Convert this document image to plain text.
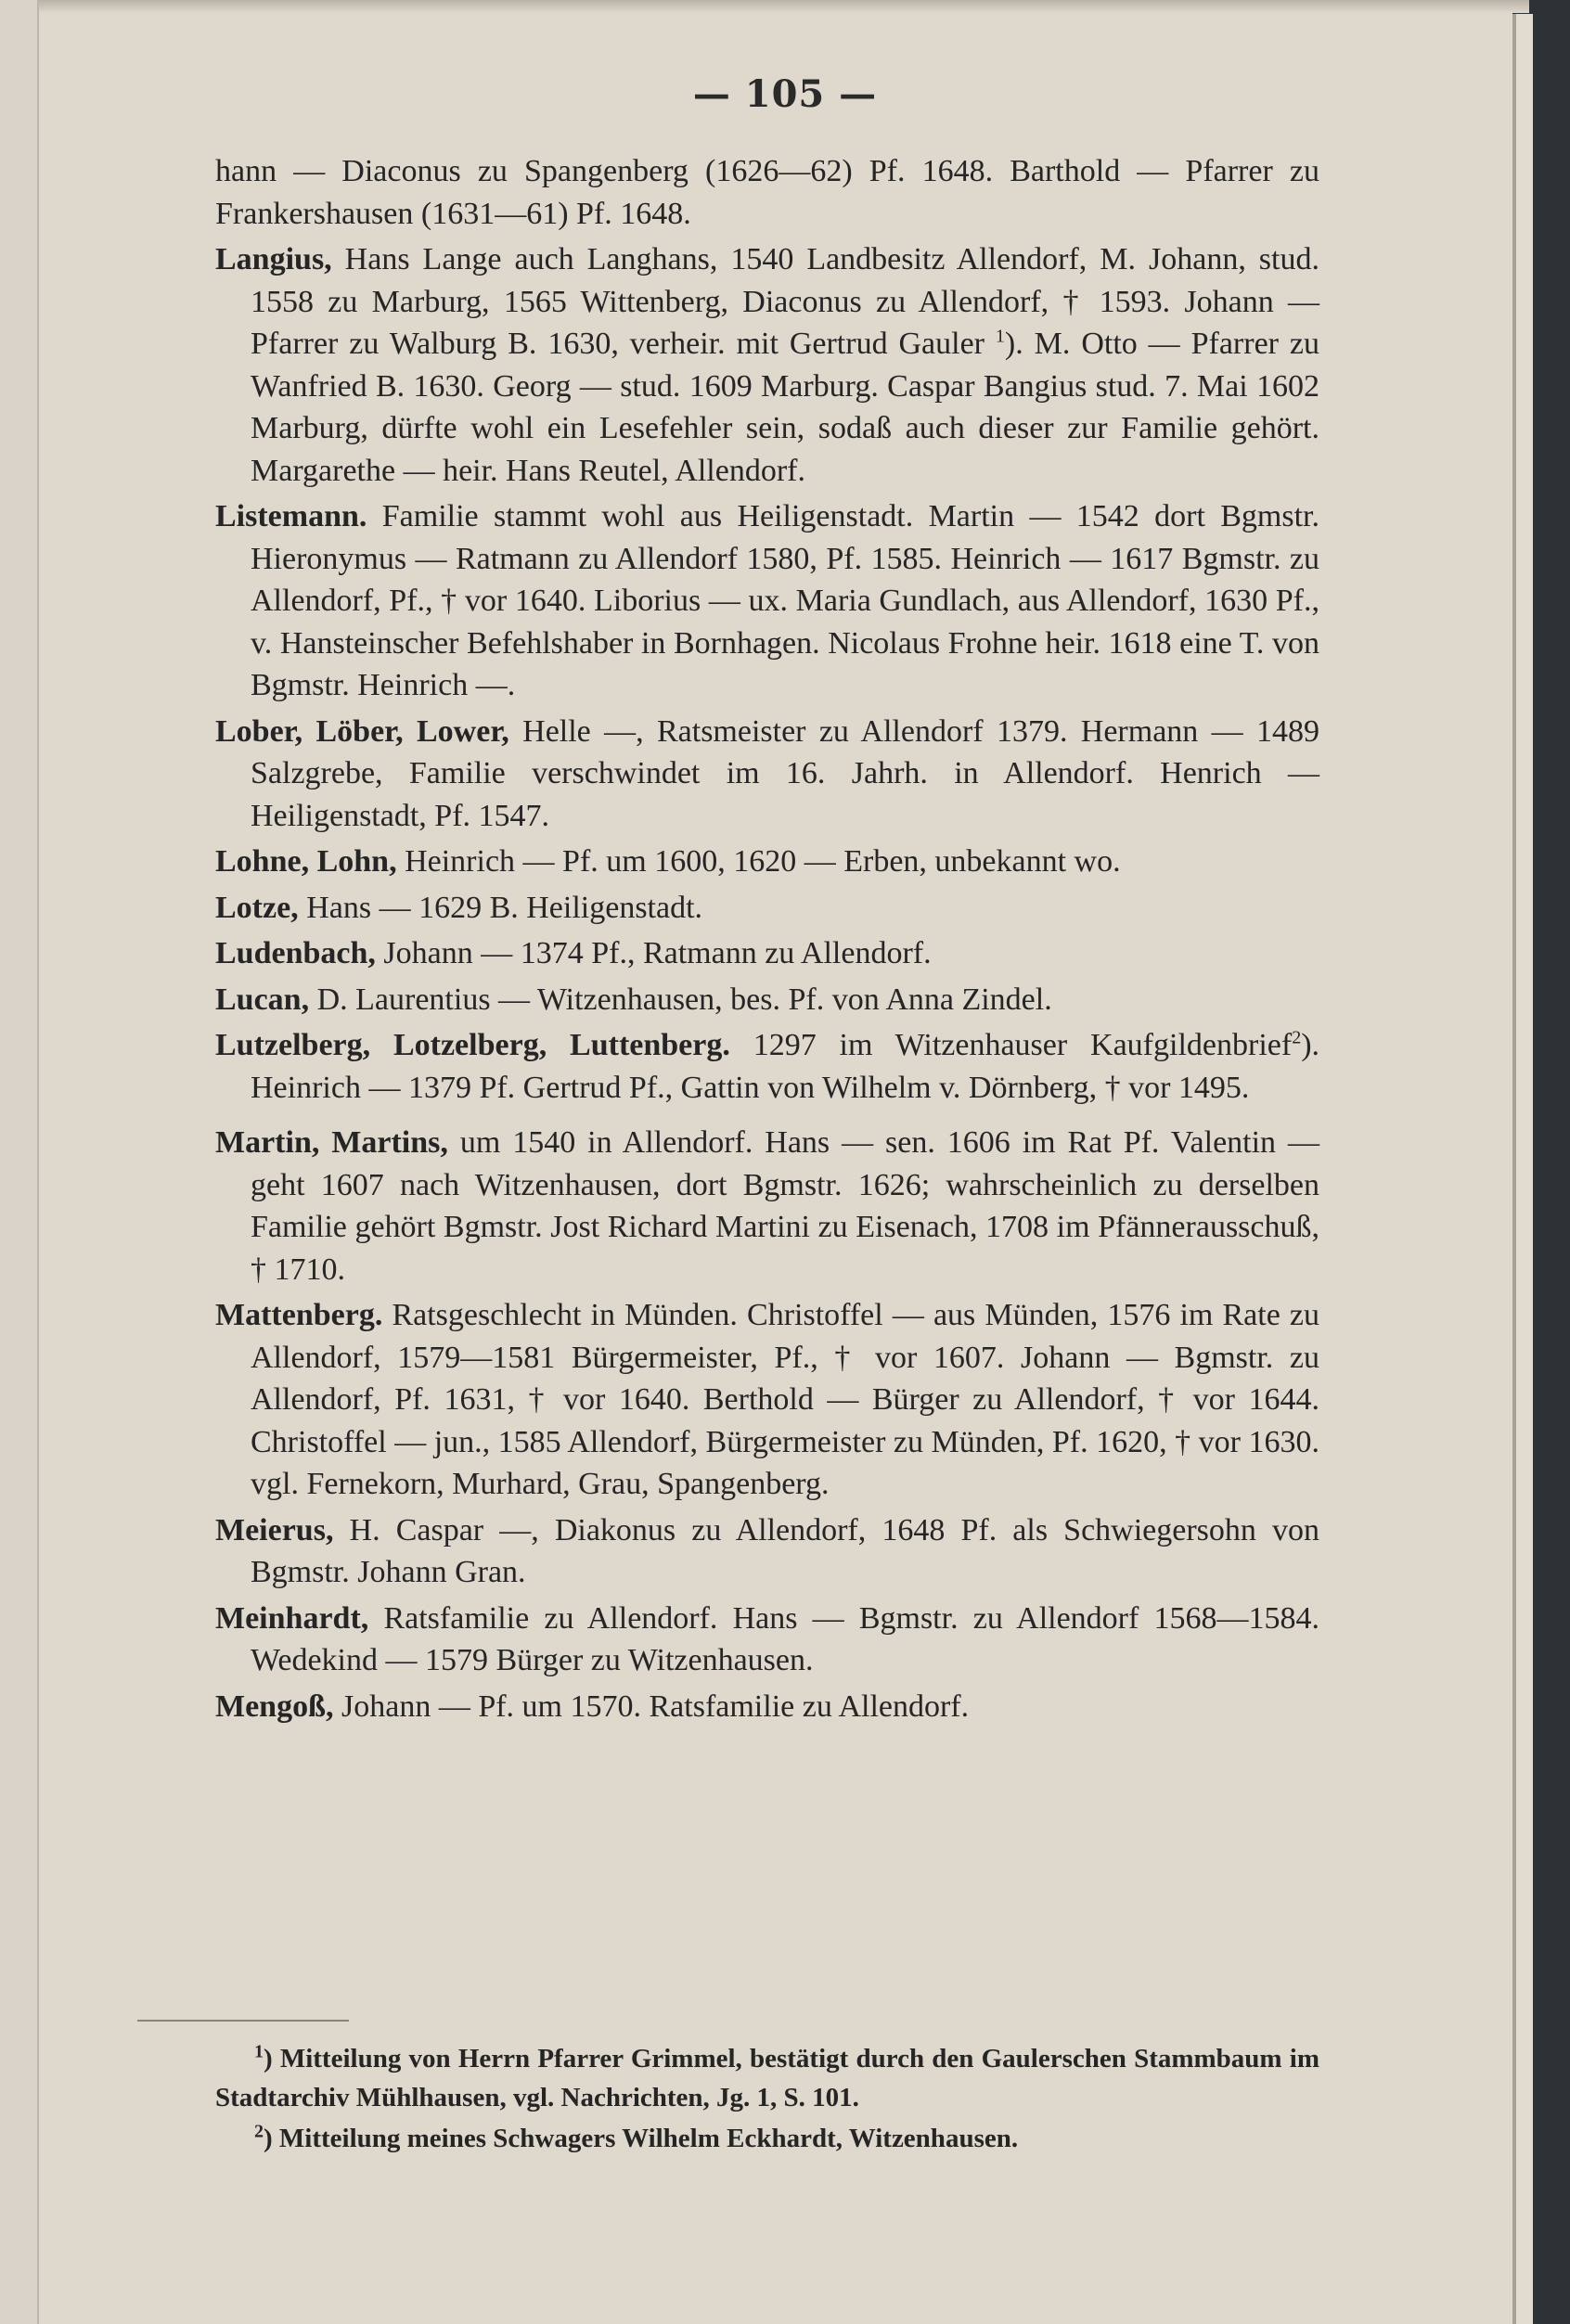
— 105 —

hann — Diaconus zu Spangenberg (1626—62) Pf. 1648. Barthold — Pfarrer zu Frankershausen (1631—61) Pf. 1648.

Langius, Hans Lange auch Langhans, 1540 Landbesitz Allendorf, M. Johann, stud. 1558 zu Marburg, 1565 Wittenberg, Diaconus zu Allendorf, † 1593. Johann — Pfarrer zu Walburg B. 1630, verheir. mit Gertrud Gauler $^1$). M. Otto — Pfarrer zu Wanfried B. 1630. Georg — stud. 1609 Marburg. Caspar Bangius stud. 7. Mai 1602 Marburg, dürfte wohl ein Lesefehler sein, sodaß auch dieser zur Familie gehört. Margarethe — heir. Hans Reutel, Allendorf.

Listemann. Familie stammt wohl aus Heiligenstadt. Martin — 1542 dort Bgmstr. Hieronymus — Ratmann zu Allendorf 1580, Pf. 1585. Heinrich — 1617 Bgmstr. zu Allendorf, Pf., † vor 1640. Liborius — ux. Maria Gundlach, aus Allendorf, 1630 Pf., v. Hansteinscher Befehlshaber in Bornhagen. Nicolaus Frohne heir. 1618 eine T. von Bgmstr. Heinrich —.

Lober, Löber, Lower, Helle —, Ratsmeister zu Allendorf 1379. Hermann — 1489 Salzgrebe, Familie verschwindet im 16. Jahrh. in Allendorf. Henrich — Heiligenstadt, Pf. 1547.

Lohne, Lohn, Heinrich — Pf. um 1600, 1620 — Erben, unbekannt wo.

Lotze, Hans — 1629 B. Heiligenstadt.

Ludenbach, Johann — 1374 Pf., Ratmann zu Allendorf.

Lucan, D. Laurentius — Witzenhausen, bes. Pf. von Anna Zindel.

Lutzelberg, Lotzelberg, Luttenberg. 1297 im Witzenhauser Kaufgildenbrief$^2$). Heinrich — 1379 Pf. Gertrud Pf., Gattin von Wilhelm v. Dörnberg, † vor 1495.

Martin, Martins, um 1540 in Allendorf. Hans — sen. 1606 im Rat Pf. Valentin — geht 1607 nach Witzenhausen, dort Bgmstr. 1626; wahrscheinlich zu derselben Familie gehört Bgmstr. Jost Richard Martini zu Eisenach, 1708 im Pfännerausschuß, † 1710.

Mattenberg. Ratsgeschlecht in Münden. Christoffel — aus Münden, 1576 im Rate zu Allendorf, 1579—1581 Bürgermeister, Pf., † vor 1607. Johann — Bgmstr. zu Allendorf, Pf. 1631, † vor 1640. Berthold — Bürger zu Allendorf, † vor 1644. Christoffel — jun., 1585 Allendorf, Bürgermeister zu Münden, Pf. 1620, † vor 1630. vgl. Fernekorn, Murhard, Grau, Spangenberg.

Meierus, H. Caspar —, Diakonus zu Allendorf, 1648 Pf. als Schwiegersohn von Bgmstr. Johann Gran.

Meinhardt, Ratsfamilie zu Allendorf. Hans — Bgmstr. zu Allendorf 1568—1584. Wedekind — 1579 Bürger zu Witzenhausen.

Mengoß, Johann — Pf. um 1570. Ratsfamilie zu Allendorf.

$^1$) Mitteilung von Herrn Pfarrer Grimmel, bestätigt durch den Gaulerschen Stammbaum im Stadtarchiv Mühlhausen, vgl. Nachrichten, Jg. 1, S. 101.

$^2$) Mitteilung meines Schwagers Wilhelm Eckhardt, Witzenhausen.
